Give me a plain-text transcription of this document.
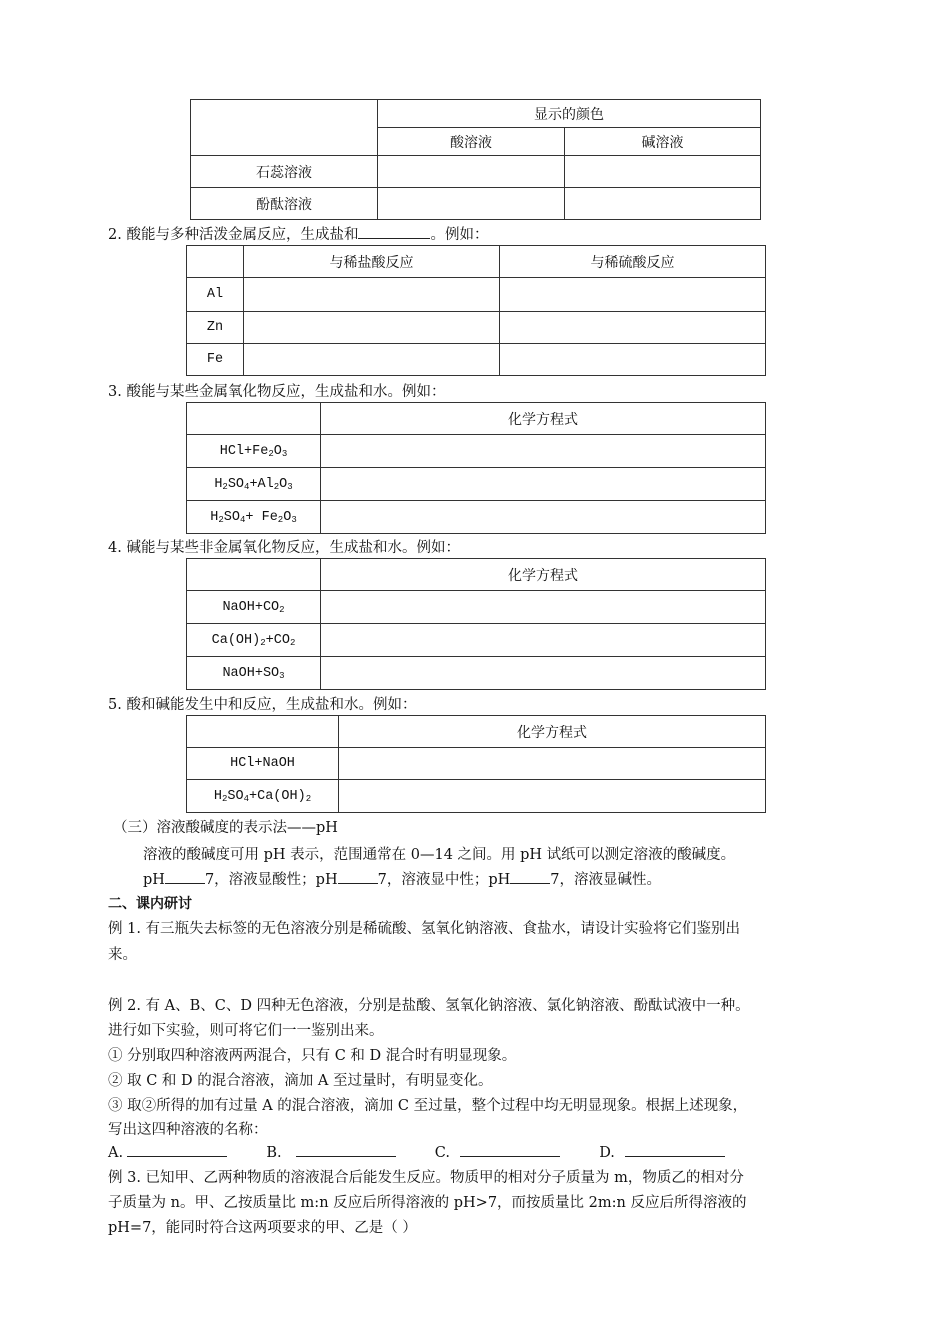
	显示的颜色	
	酸溶液	碱溶液
石蕊溶液		
酚酞溶液		
2. 酸能与多种活泼金属反应，生成盐和	。例如：
	与稀盐酸反应	与稀硫酸反应
Al		
Zn		
Fe		
3. 酸能与某些金属氧化物反应，生成盐和水。例如：
	化学方程式
$HCl+Fe_2O_3$	
$H_2SO_4+Al_2O_3$	
$H_2SO_4+ Fe_2O_3$	
4. 碱能与某些非金属氧化物反应，生成盐和水。例如：
	化学方程式
$NaOH+CO_2$	
$Ca(OH)_2+CO_2$	
$NaOH+SO_3$	
5. 酸和碱能发生中和反应，生成盐和水。例如：
	化学方程式
HCl+NaOH	
$H_2SO_4+Ca(OH)_2$	
（三）溶液酸碱度的表示法——pH
溶液的酸碱度可用 pH 表示，范围通常在 0—14 之间。用 pH 试纸可以测定溶液的酸碱度。
pH	7，溶液显酸性；pH	7，溶液显中性；pH	7，溶液显碱性。
二、课内研讨
例 1. 有三瓶失去标签的无色溶液分别是稀硫酸、氢氧化钠溶液、食盐水，请设计实验将它们鉴别出
来。
例 2. 有 A、B、C、D 四种无色溶液，分别是盐酸、氢氧化钠溶液、氯化钠溶液、酚酞试液中一种。
进行如下实验，则可将它们一一鉴别出来。
① 分别取四种溶液两两混合，只有 C 和 D 混合时有明显现象。
② 取 C 和 D 的混合溶液，滴加 A 至过量时，有明显变化。
③ 取②所得的加有过量 A 的混合溶液，滴加 C 至过量，整个过程中均无明显现象。根据上述现象，
写出这四种溶液的名称：
A.	B.	C.	D.
例 3. 已知甲、乙两种物质的溶液混合后能发生反应。物质甲的相对分子质量为 m，物质乙的相对分
子质量为 n。甲、乙按质量比 m:n 反应后所得溶液的 pH>7，而按质量比 2m:n 反应后所得溶液的
pH=7，能同时符合这两项要求的甲、乙是（ ）
